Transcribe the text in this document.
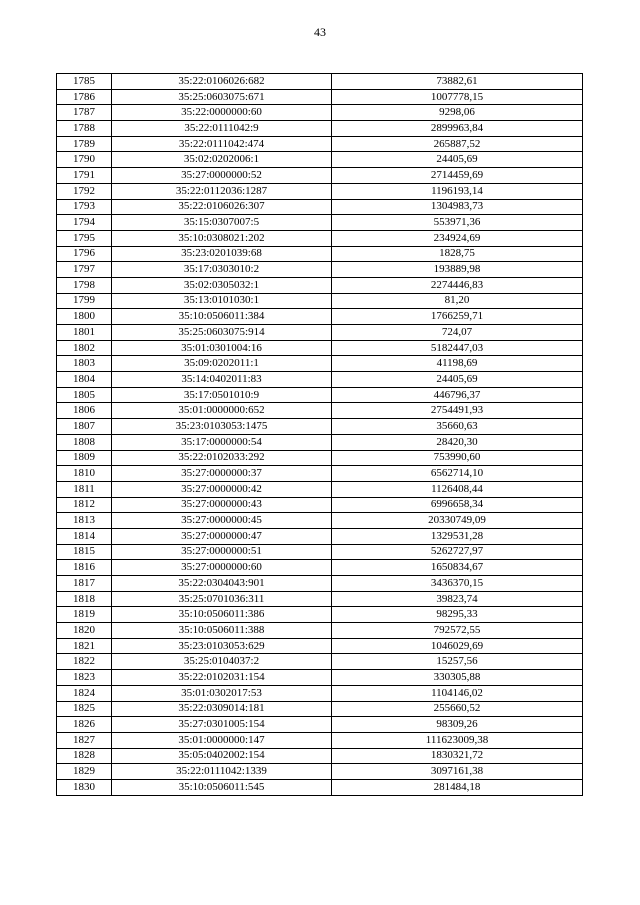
43
1785	35:22:0106026:682	73882,61
1786	35:25:0603075:671	1007778,15
1787	35:22:0000000:60	9298,06
1788	35:22:0111042:9	2899963,84
1789	35:22:0111042:474	265887,52
1790	35:02:0202006:1	24405,69
1791	35:27:0000000:52	2714459,69
1792	35:22:0112036:1287	1196193,14
1793	35:22:0106026:307	1304983,73
1794	35:15:0307007:5	553971,36
1795	35:10:0308021:202	234924,69
1796	35:23:0201039:68	1828,75
1797	35:17:0303010:2	193889,98
1798	35:02:0305032:1	2274446,83
1799	35:13:0101030:1	81,20
1800	35:10:0506011:384	1766259,71
1801	35:25:0603075:914	724,07
1802	35:01:0301004:16	5182447,03
1803	35:09:0202011:1	41198,69
1804	35:14:0402011:83	24405,69
1805	35:17:0501010:9	446796,37
1806	35:01:0000000:652	2754491,93
1807	35:23:0103053:1475	35660,63
1808	35:17:0000000:54	28420,30
1809	35:22:0102033:292	753990,60
1810	35:27:0000000:37	6562714,10
1811	35:27:0000000:42	1126408,44
1812	35:27:0000000:43	6996658,34
1813	35:27:0000000:45	20330749,09
1814	35:27:0000000:47	1329531,28
1815	35:27:0000000:51	5262727,97
1816	35:27:0000000:60	1650834,67
1817	35:22:0304043:901	3436370,15
1818	35:25:0701036:311	39823,74
1819	35:10:0506011:386	98295,33
1820	35:10:0506011:388	792572,55
1821	35:23:0103053:629	1046029,69
1822	35:25:0104037:2	15257,56
1823	35:22:0102031:154	330305,88
1824	35:01:0302017:53	1104146,02
1825	35:22:0309014:181	255660,52
1826	35:27:0301005:154	98309,26
1827	35:01:0000000:147	111623009,38
1828	35:05:0402002:154	1830321,72
1829	35:22:0111042:1339	3097161,38
1830	35:10:0506011:545	281484,18
